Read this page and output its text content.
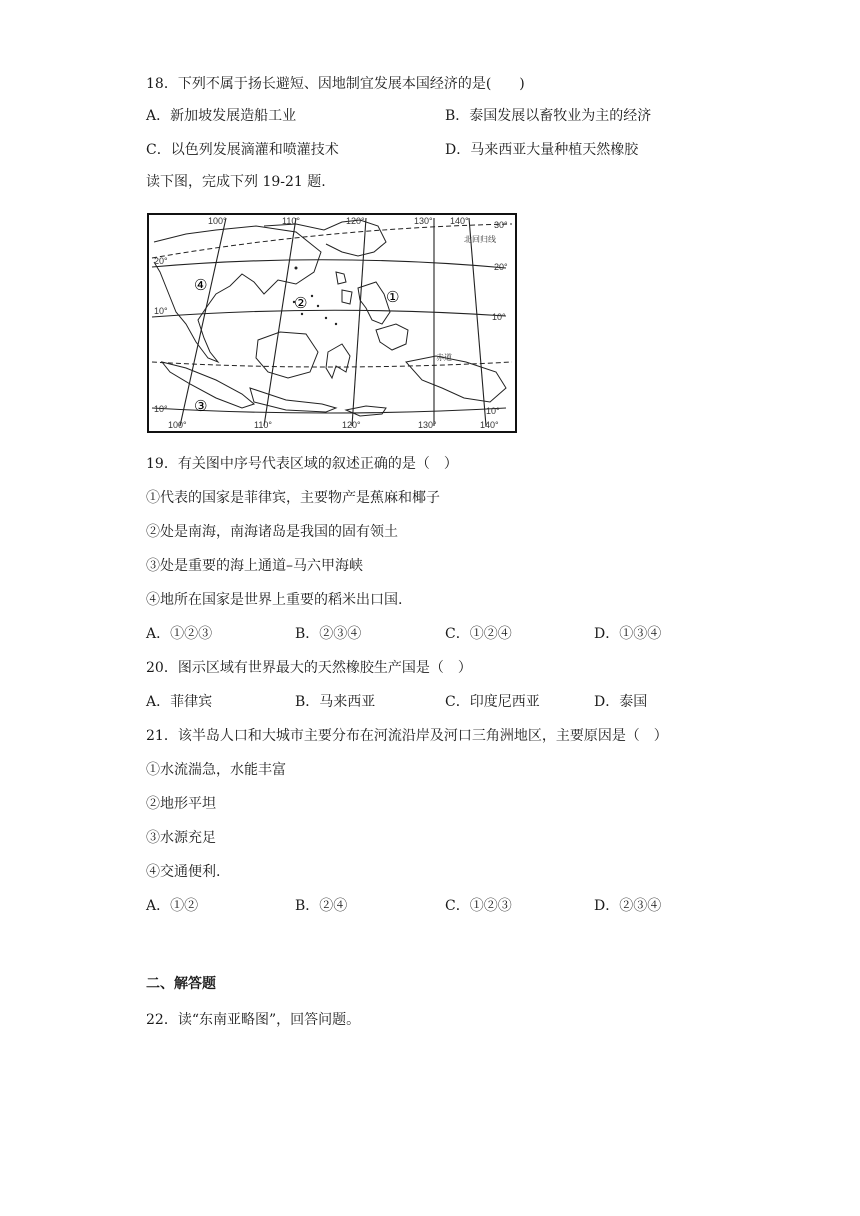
18．下列不属于扬长避短、因地制宜发展本国经济的是(　　)
A．新加坡发展造船工业	B．泰国发展以畜牧业为主的经济
C．以色列发展滴灌和喷灌技术	D．马来西亚大量种植天然橡胶
读下图，完成下列 19-21 题.
100°	110°	120°	130° 140°
100°	110°	120°	130°	140°
30°
20°
10°
10°
20°
10°
10°
北回归线
赤道
①
②
③
④
19．有关图中序号代表区域的叙述正确的是（　）
①代表的国家是菲律宾，主要物产是蕉麻和椰子
②处是南海，南海诸岛是我国的固有领土
③处是重要的海上通道–马六甲海峡
④地所在国家是世界上重要的稻米出口国.
A．①②③	B．②③④	C．①②④	D．①③④
20．图示区域有世界最大的天然橡胶生产国是（　）
A．菲律宾	B．马来西亚	C．印度尼西亚	D．泰国
21．该半岛人口和大城市主要分布在河流沿岸及河口三角洲地区，主要原因是（　）
①水流湍急，水能丰富
②地形平坦
③水源充足
④交通便利.
A．①②	B．②④	C．①②③	D．②③④
二、解答题
22．读“东南亚略图”，回答问题。
